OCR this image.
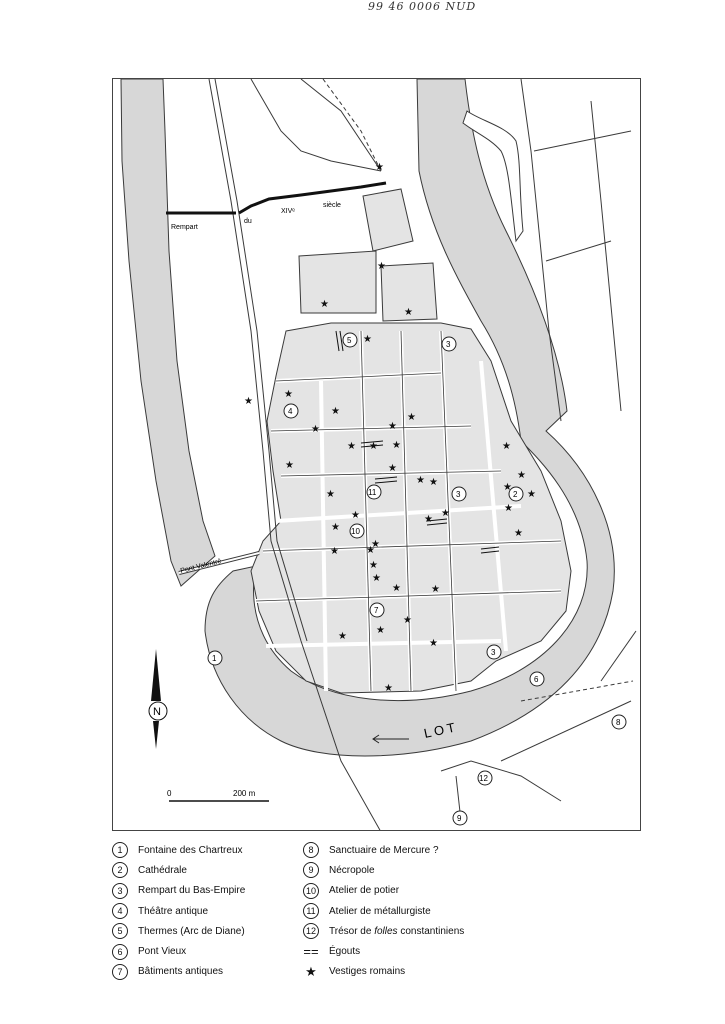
99 46 0006 NUD
Rempart
du
XIVᵉ
siècle
Pont Valentré
LOT
N
0	200 m
1
2
3
3
3
4
5
6
7
8
9
10
11
12
★
★
★
★
★
★
★
★
★	★
★
★ ★ ★
★	★
★ ★
★
★
★
★
★
★
★
★
★
★
★
★
★	★
★
★
★	★
★
★
★
★
★
1	Fontaine des Chartreux
2	Cathédrale
3	Rempart du Bas-Empire
4	Théâtre antique
5	Thermes (Arc de Diane)
6	Pont Vieux
7	Bâtiments antiques
8	Sanctuaire de Mercure ?
9	Nécropole
10	Atelier de potier
11	Atelier de métallurgiste
12	Trésor de folles constantiniens
== Égouts
★ Vestiges romains
